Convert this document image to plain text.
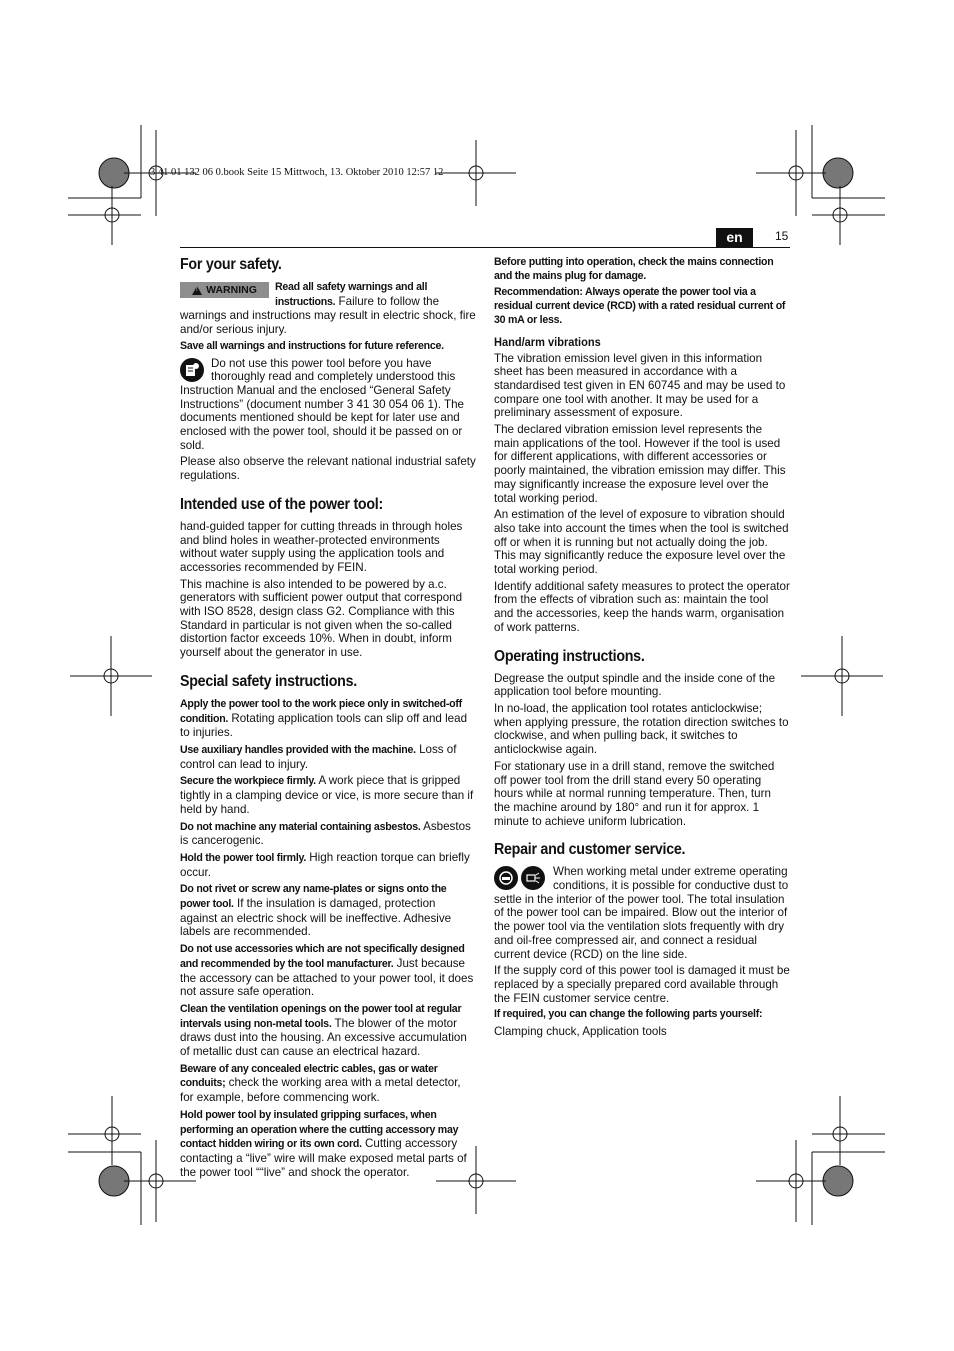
3 41 01 132 06 0.book Seite 15 Mittwoch, 13. Oktober 2010 12:57 12
en	15
For your safety.
!
WARNING	Read all safety warnings and all instructions. Failure to follow the warnings and instructions may result in electric shock, fire and/or serious injury.

Save all warnings and instructions for future reference.

Do not use this power tool before you have thoroughly read and completely understood this Instruction Manual and the enclosed “General Safety Instructions” (document number 3 41 30 054 06 1). The documents mentioned should be kept for later use and enclosed with the power tool, should it be passed on or sold.

Please also observe the relevant national industrial safety regulations.

Intended use of the power tool:

hand-guided tapper for cutting threads in through holes and blind holes in weather-protected environments without water supply using the application tools and accessories recommended by FEIN.

This machine is also intended to be powered by a.c. generators with sufficient power output that correspond with ISO 8528, design class G2. Compliance with this Standard in particular is not given when the so-called distortion factor exceeds 10%. When in doubt, inform yourself about the generator in use.

Special safety instructions.

Apply the power tool to the work piece only in switched-off condition. Rotating application tools can slip off and lead to injuries.

Use auxiliary handles provided with the machine. Loss of control can lead to injury.

Secure the workpiece firmly. A work piece that is gripped tightly in a clamping device or vice, is more secure than if held by hand.

Do not machine any material containing asbestos. Asbestos is cancerogenic.

Hold the power tool firmly. High reaction torque can briefly occur.

Do not rivet or screw any name-plates or signs onto the power tool. If the insulation is damaged, protection against an electric shock will be ineffective. Adhesive labels are recommended.

Do not use accessories which are not specifically designed and recommended by the tool manufacturer. Just because the accessory can be attached to your power tool, it does not assure safe operation.

Clean the ventilation openings on the power tool at regular intervals using non-metal tools. The blower of the motor draws dust into the housing. An excessive accumulation of metallic dust can cause an electrical hazard.

Beware of any concealed electric cables, gas or water conduits; check the working area with a metal detector, for example, before commencing work.

Hold power tool by insulated gripping surfaces, when performing an operation where the cutting accessory may contact hidden wiring or its own cord. Cutting accessory contacting a “live” wire will make exposed metal parts of the power tool ““live” and shock the operator.

Before putting into operation, check the mains connection and the mains plug for damage.

Recommendation: Always operate the power tool via a residual current device (RCD) with a rated residual current of 30 mA or less.

Hand/arm vibrations

The vibration emission level given in this information sheet has been measured in accordance with a standardised test given in EN 60745 and may be used to compare one tool with another. It may be used for a preliminary assessment of exposure.

The declared vibration emission level represents the main applications of the tool. However if the tool is used for different applications, with different accessories or poorly maintained, the vibration emission may differ. This may significantly increase the exposure level over the total working period.

An estimation of the level of exposure to vibration should also take into account the times when the tool is switched off or when it is running but not actually doing the job. This may significantly reduce the exposure level over the total working period.

Identify additional safety measures to protect the operator from the effects of vibration such as: maintain the tool and the accessories, keep the hands warm, organisation of work patterns.

Operating instructions.

Degrease the output spindle and the inside cone of the application tool before mounting.

In no-load, the application tool rotates anticlockwise; when applying pressure, the rotation direction switches to clockwise, and when pulling back, it switches to anticlockwise again.

For stationary use in a drill stand, remove the switched off power tool from the drill stand every 50 operating hours while at normal running temperature. Then, turn the machine around by 180° and run it for approx. 1 minute to achieve uniform lubrication.

Repair and customer service.

When working metal under extreme operating conditions, it is possible for conductive dust to settle in the interior of the power tool. The total insulation of the power tool can be impaired. Blow out the interior of the power tool via the ventilation slots frequently with dry and oil-free compressed air, and connect a residual current device (RCD) on the line side.

If the supply cord of this power tool is damaged it must be replaced by a specially prepared cord available through the FEIN customer service centre.

If required, you can change the following parts yourself:

Clamping chuck, Application tools
